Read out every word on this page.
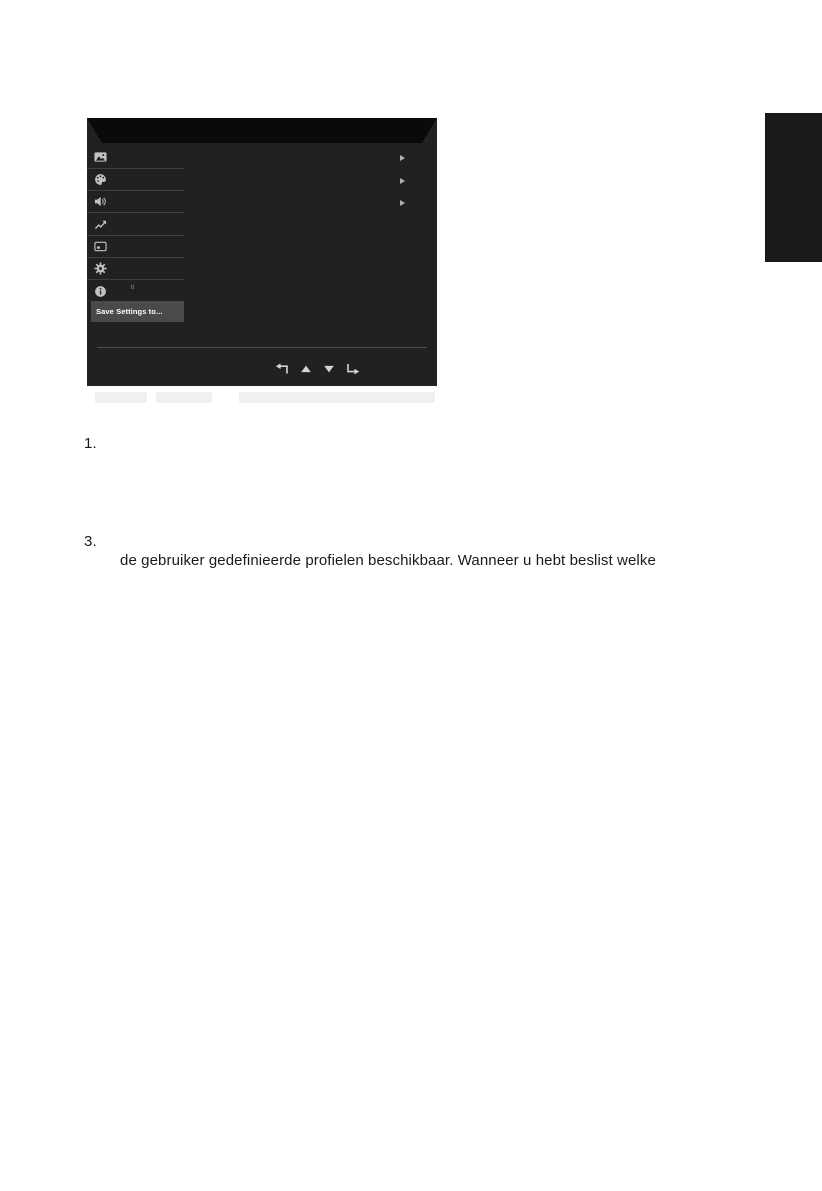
ti
Save Settings to...
1.
3.
de gebruiker gedefinieerde profielen beschikbaar. Wanneer u hebt beslist welke
